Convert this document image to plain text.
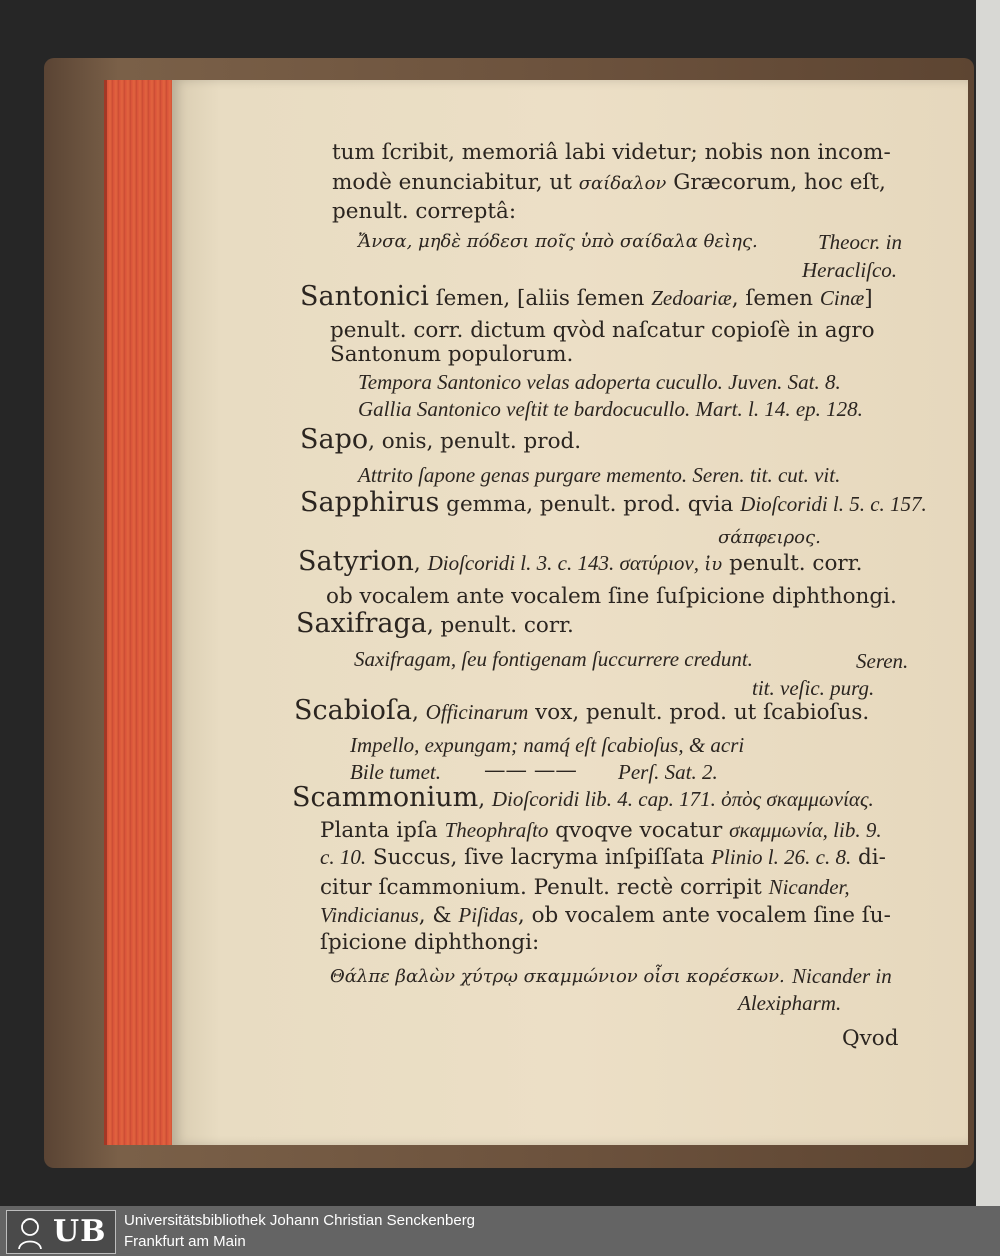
tum ſcribit, memoriâ labi videtur; nobis non incom-
modè enunciabitur, ut σαίδαλον Græcorum, hoc eſt,
penult. correptâ:
Ἄνσα, μηδὲ πόδεσι ποῖς ὑπὸ σαίδαλα θεὶης.	Theocr. in
Heracliſco.
Santonici ſemen, [aliis ſemen Zedoariæ, ſemen Cinæ]
penult. corr. dictum qvòd naſcatur copioſè in agro
Santonum populorum.
Tempora Santonico velas adoperta cucullo. Juven. Sat. 8.
Gallia Santonico veſtit te bardocucullo. Mart. l. 14. ep. 128.
Sapo, onis, penult. prod.
Attrito ſapone genas purgare memento. Seren. tit. cut. vit.
Sapphirus gemma, penult. prod. qvia Dioſcoridi l. 5. c. 157.
σάπφειρος.
Satyrion, Dioſcoridi l. 3. c. 143. σατύριον, ἰυ penult. corr.
ob vocalem ante vocalem ſine ſuſpicione diphthongi.
Saxifraga, penult. corr.
Saxifragam, ſeu fontigenam ſuccurrere credunt.	Seren.
tit. veſic. purg.
Scabioſa, Officinarum vox, penult. prod. ut ſcabioſus.
Impello, expungam; namq́ eſt ſcabioſus, & acri
Bile tumet. —— —— Perſ. Sat. 2.
Scammonium, Dioſcoridi lib. 4. cap. 171. ὀπὸς σκαμμωνίας.
Planta ipſa Theophraſto qvoqve vocatur σκαμμωνία, lib. 9.
c. 10. Succus, ſive lacryma inſpiſſata Plinio l. 26. c. 8. di-
citur ſcammonium. Penult. rectè corripit Nicander,
Vindicianus, & Piſidas, ob vocalem ante vocalem ſine ſu-
ſpicione diphthongi:
Θάλπε βαλὼν χύτρῳ σκαμμώνιον οἶσι κορέσκων. Nicander in
Alexipharm.
Qvod
UB Universitätsbibliothek Johann Christian Senckenberg
Frankfurt am Main
